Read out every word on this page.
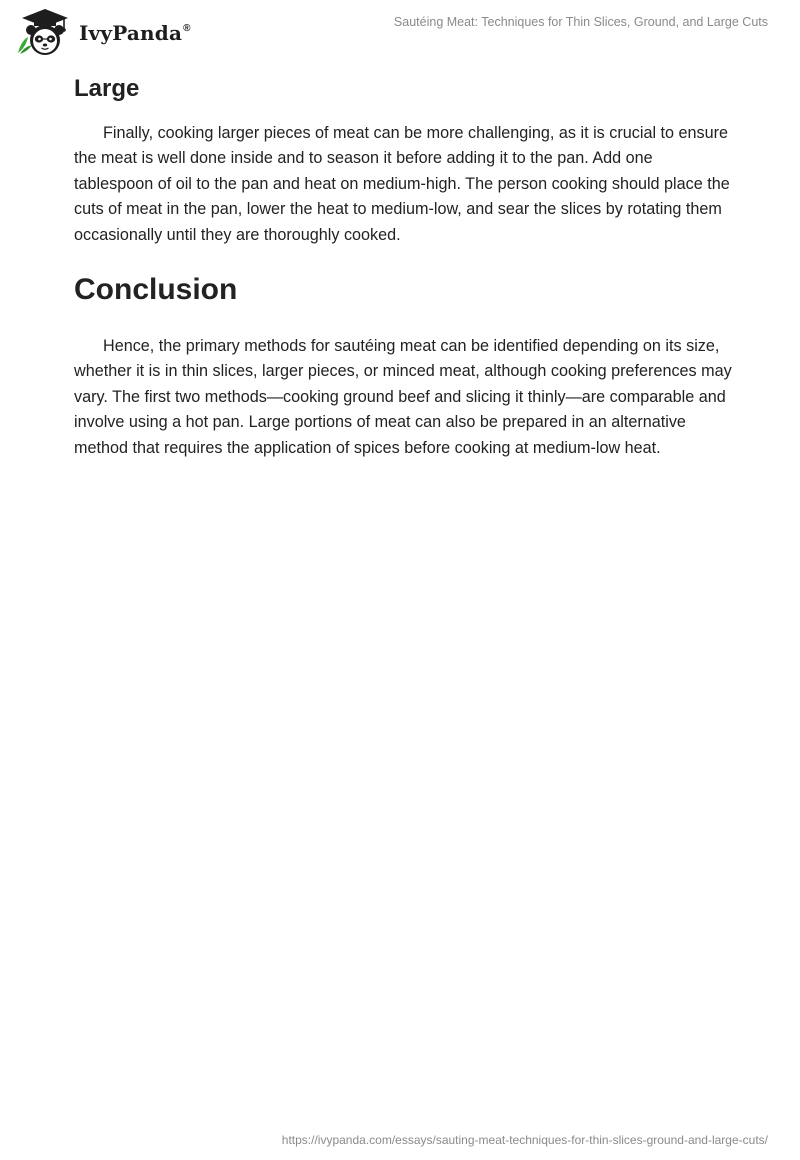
IvyPanda®	Sautéing Meat: Techniques for Thin Slices, Ground, and Large Cuts
Large

Finally, cooking larger pieces of meat can be more challenging, as it is crucial to ensure the meat is well done inside and to season it before adding it to the pan. Add one tablespoon of oil to the pan and heat on medium-high. The person cooking should place the cuts of meat in the pan, lower the heat to medium-low, and sear the slices by rotating them occasionally until they are thoroughly cooked.

Conclusion

Hence, the primary methods for sautéing meat can be identified depending on its size, whether it is in thin slices, larger pieces, or minced meat, although cooking preferences may vary. The first two methods—cooking ground beef and slicing it thinly—are comparable and involve using a hot pan. Large portions of meat can also be prepared in an alternative method that requires the application of spices before cooking at medium-low heat.

https://ivypanda.com/essays/sauting-meat-techniques-for-thin-slices-ground-and-large-cuts/
